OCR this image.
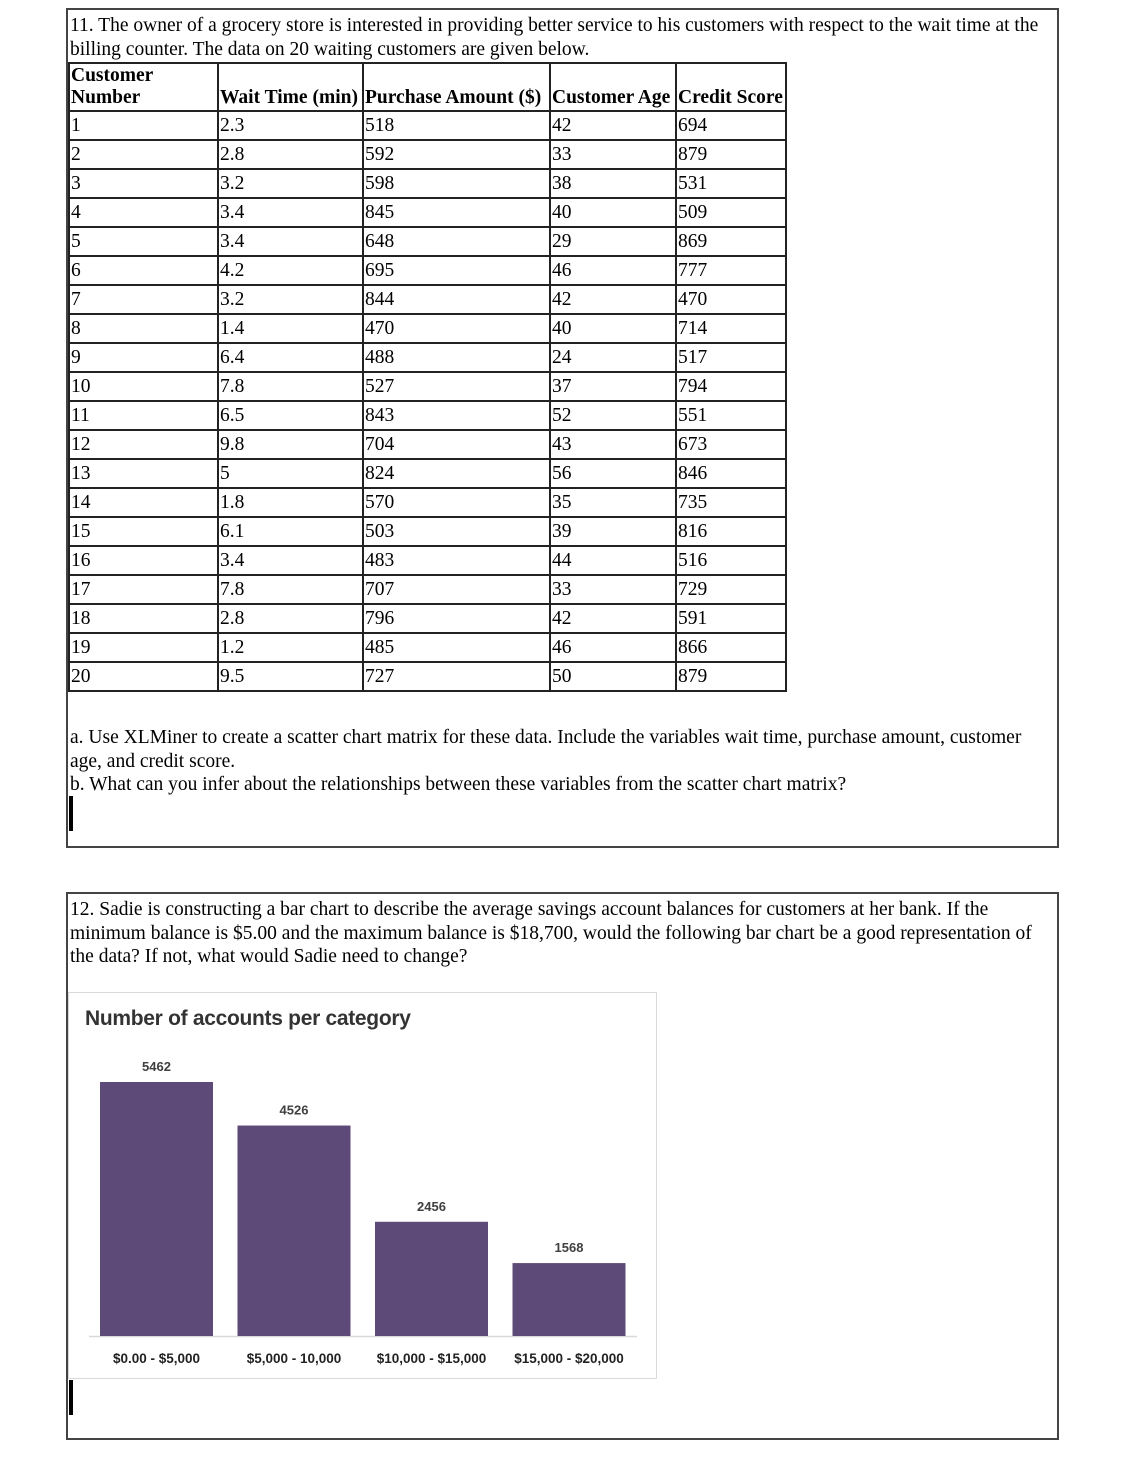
11. The owner of a grocery store is interested in providing better service to his customers with respect to the wait time at the billing counter. The data on 20 waiting customers are given below.

Customer Number	Wait Time (min)	Purchase Amount ($)	Customer Age	Credit Score
1	2.3	518	42	694
2	2.8	592	33	879
3	3.2	598	38	531
4	3.4	845	40	509
5	3.4	648	29	869
6	4.2	695	46	777
7	3.2	844	42	470
8	1.4	470	40	714
9	6.4	488	24	517
10	7.8	527	37	794
11	6.5	843	52	551
12	9.8	704	43	673
13	5	824	56	846
14	1.8	570	35	735
15	6.1	503	39	816
16	3.4	483	44	516
17	7.8	707	33	729
18	2.8	796	42	591
19	1.2	485	46	866
20	9.5	727	50	879

a. Use XLMiner to create a scatter chart matrix for these data. Include the variables wait time, purchase amount, customer age, and credit score.
b. What can you infer about the relationships between these variables from the scatter chart matrix?

12. Sadie is constructing a bar chart to describe the average savings account balances for customers at her bank. If the minimum balance is $5.00 and the maximum balance is $18,700, would the following bar chart be a good representation of the data? If not, what would Sadie need to change?

Number of accounts per category

5462
$0.00 - $5,000
4526
$5,000 - 10,000
2456
$10,000 - $15,000
1568
$15,000 - $20,000
